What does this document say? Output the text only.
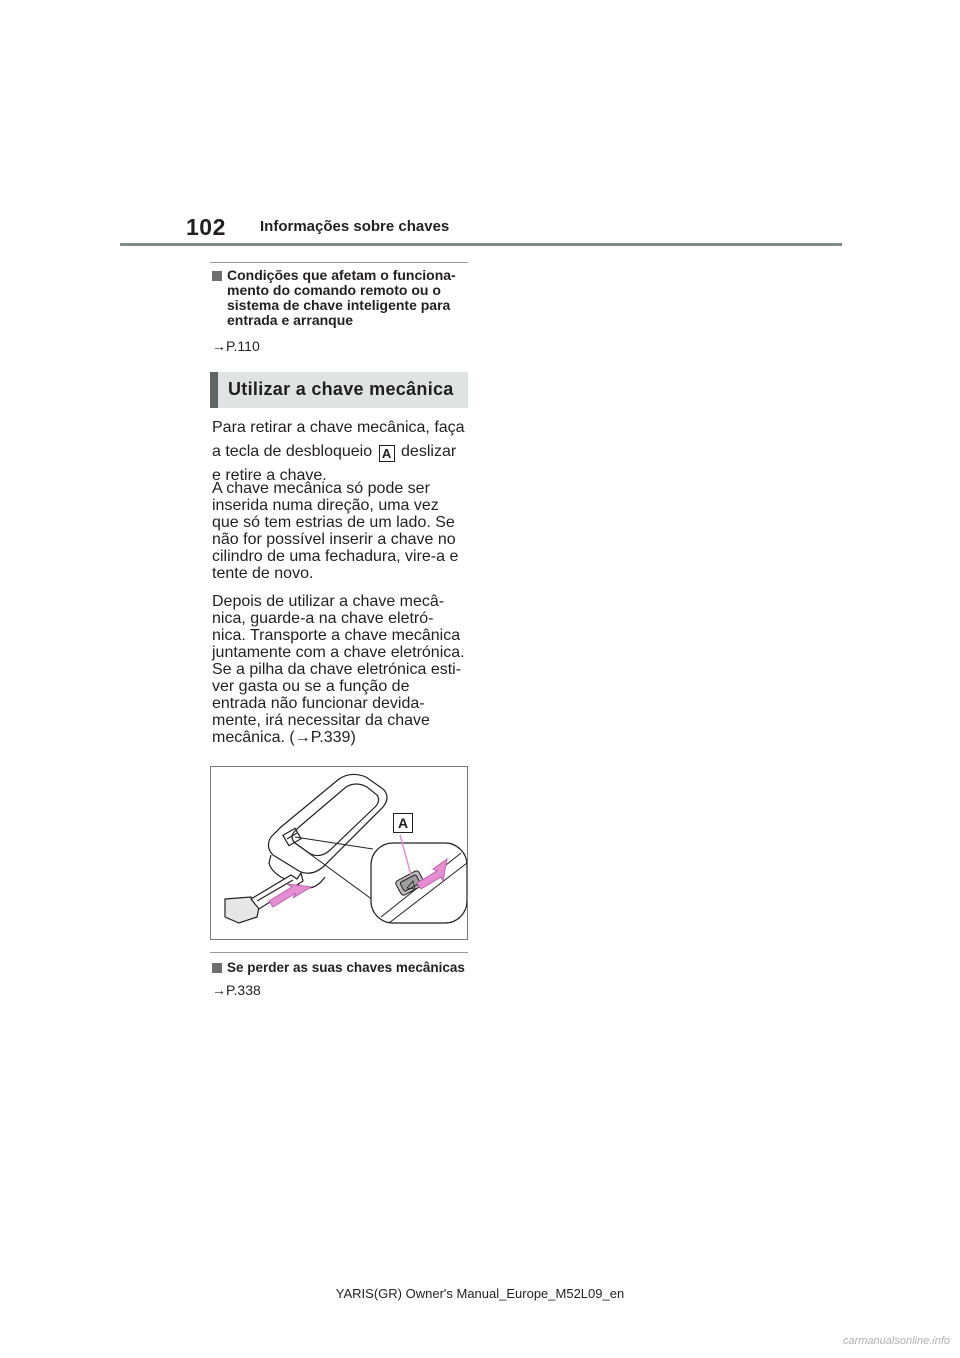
102 Informações sobre chaves
Condições que afetam o funciona-
mento do comando remoto ou o
sistema de chave inteligente para
entrada e arranque
→P.110
Utilizar a chave mecânica
Para retirar a chave mecânica, faça
a tecla de desbloqueio A deslizar
e retire a chave.
A chave mecânica só pode ser
inserida numa direção, uma vez
que só tem estrias de um lado. Se
não for possível inserir a chave no
cilindro de uma fechadura, vire-a e
tente de novo.
Depois de utilizar a chave mecâ-
nica, guarde-a na chave eletró-
nica. Transporte a chave mecânica
juntamente com a chave eletrónica.
Se a pilha da chave eletrónica esti-
ver gasta ou se a função de
entrada não funcionar devida-
mente, irá necessitar da chave
mecânica. (→P.339)
A
Se perder as suas chaves mecânicas
→P.338
YARIS(GR) Owner's Manual_Europe_M52L09_en
carmanualsonline.info
